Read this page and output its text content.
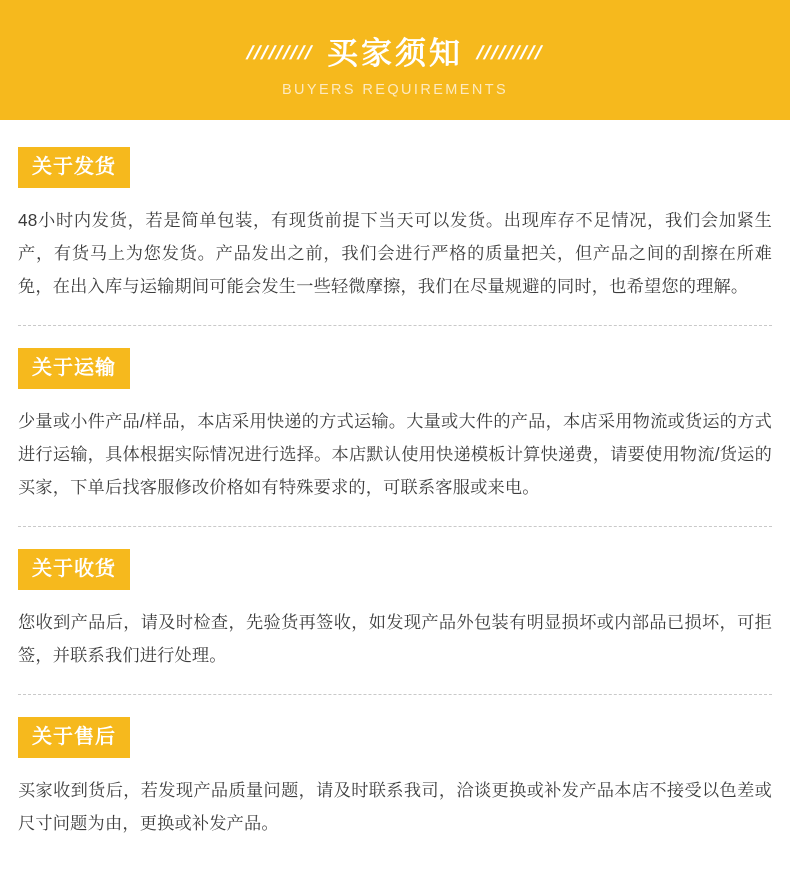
///////// 买家须知 /////////
BUYERS REQUIREMENTS
关于发货

48小时内发货，若是简单包装，有现货前提下当天可以发货。出现库存不足情况，我们会加紧生产，有货马上为您发货。产品发出之前，我们会进行严格的质量把关，但产品之间的刮擦在所难免，在出入库与运输期间可能会发生一些轻微摩擦，我们在尽量规避的同时，也希望您的理解。

关于运输

少量或小件产品/样品，本店采用快递的方式运输。大量或大件的产品，本店采用物流或货运的方式进行运输，具体根据实际情况进行选择。本店默认使用快递模板计算快递费，请要使用物流/货运的买家，下单后找客服修改价格如有特殊要求的，可联系客服或来电。

关于收货

您收到产品后，请及时检查，先验货再签收，如发现产品外包装有明显损坏或内部品已损坏，可拒签，并联系我们进行处理。

关于售后

买家收到货后，若发现产品质量问题，请及时联系我司，洽谈更换或补发产品本店不接受以色差或尺寸问题为由，更换或补发产品。
